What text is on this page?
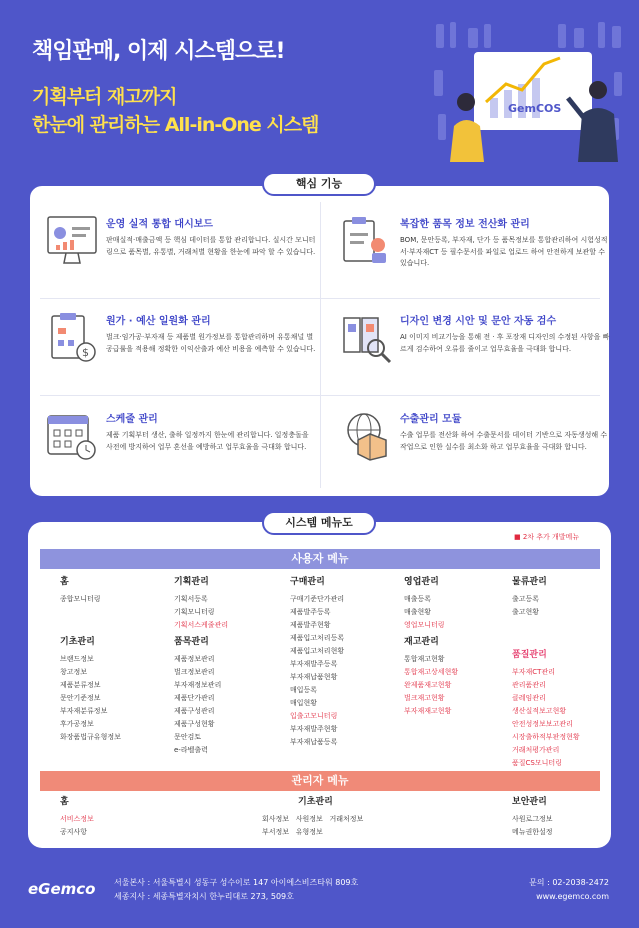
책임판매, 이제 시스템으로!
기획부터 재고까지
한눈에 관리하는 All-in-One 시스템
GemCOS
핵심 기능
운영 실적 통합 대시보드
판매실적·매출금액 등 핵심 데이터를 통합 관리합니다. 실시간 모니터링으로 품목별, 유통별, 거래처별 현황을 한눈에 파악 할 수 있습니다.
복잡한 품목 정보 전산화 관리
BOM, 문안등록, 부자재, 단가 등 품목정보를 통합관리하여 시험성적서·부자재CT 등 필수문서를 파일로 업로드 하여 안전하게 보관할 수 있습니다.
$
원가 · 예산 일원화 관리
벌크·임가공·부자재 등 제품별 원가정보를 통합관리하며 유통채널 별 공급률을 적용해 정확한 이익산출과 예산 비용을 예측할 수 있습니다.
디자인 변경 시안 및 문안 자동 검수
AI 이미지 비교기능을 통해 전 · 후 포장재 디자인의 수정된 사항을 빠르게 검수하여 오류를 줄이고 업무효율을 극대화 합니다.
스케줄 관리
제품 기획부터 생산, 출하 일정까지 한눈에 관리합니다. 일정충돌을 사전에 방지하여 업무 혼선을 예방하고 업무효율을 극대화 합니다.
수출관리 모듈
수출 업무를 전산화 하여 수출문서를 데이터 기반으로 자동생성해 수작업으로 인한 실수를 최소화 하고 업무효율을 극대화 합니다.
시스템 메뉴도
■ 2차 추가 개발메뉴
사용자 메뉴
홈
종합모니터링
기초관리
브랜드정보
창고정보
제품분류정보
문안기준정보
부자재분류정보
후가공정보
화장품법규유형정보
기획관리
기획서등록
기획모니터링
기획서스케줄관리
품목관리
제품정보관리
벌크정보관리
부자재정보관리
제품단가관리
제품구성관리
제품구성현황
문안검토
e-라벨출력
구매관리
구매기준단가관리
제품발주등록
제품발주현황
제품입고처리등록
제품입고처리현황
부자재발주등록
부자재납품현황
매입등록
매입현황
입출고모니터링
부자재발주현황
부자재납품등록
영업관리
매출등록
매출현황
영업모니터링
재고관리
통합재고현황
통합재고상세현황
완제품재고현황
벌크재고현황
부자재재고현황
물류관리
출고등록
출고현황
품질관리
부자재CT관리
관리품관리
클레임관리
생산실적보고현황
안전성정보보고관리
시장출하적부판정현황
거래처평가관리
품질CS모니터링
관리자 메뉴
홈
서비스정보
공지사항
기초관리
회사정보   사원정보   거래처정보
부서정보   유형정보
보안관리
사원로그정보
메뉴권한설정
eGemco 서울본사 : 서울특별시 성동구 성수이로 147 아이에스비즈타워 809호
세종지사 : 세종특별자치시 한누리대로 273, 509호
문의 : 02-2038-2472
www.egemco.com
